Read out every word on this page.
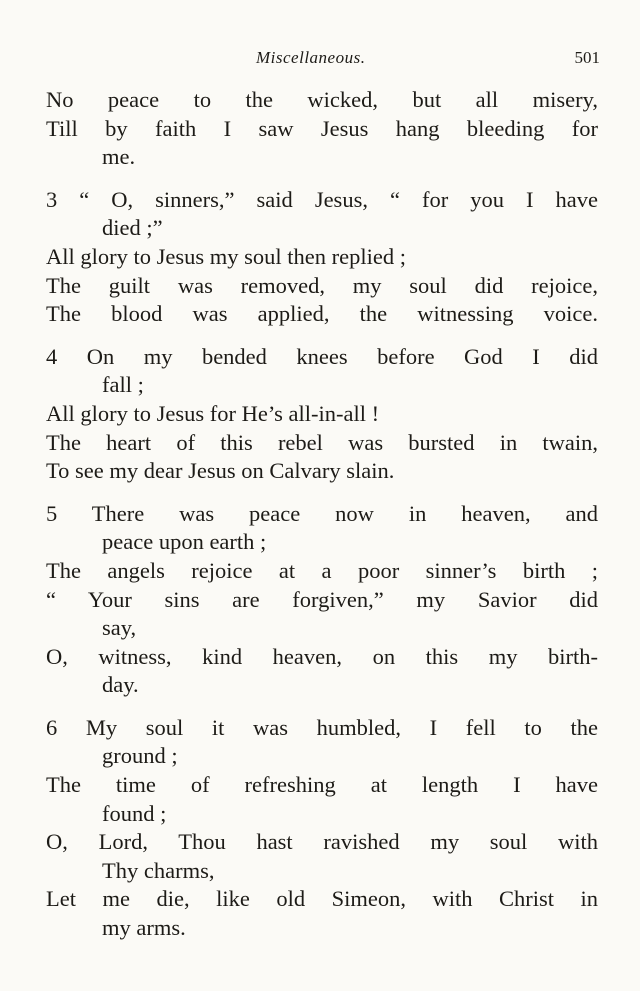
Miscellaneous.	501
No peace to the wicked, but all misery,
Till by faith I saw Jesus hang bleeding for
me.
3 “ O, sinners,” said Jesus, “ for you I have
died ;”
All glory to Jesus my soul then replied ;
The guilt was removed, my soul did rejoice,
The blood was applied, the witnessing voice.
4 On my bended knees before God I did
fall ;
All glory to Jesus for He’s all-in-all !
The heart of this rebel was bursted in twain,
To see my dear Jesus on Calvary slain.
5 There was peace now in heaven, and
peace upon earth ;
The angels rejoice at a poor sinner’s birth ;
“ Your sins are forgiven,” my Savior did
say,
O, witness, kind heaven, on this my birth-
day.
6 My soul it was humbled, I fell to the
ground ;
The time of refreshing at length I have
found ;
O, Lord, Thou hast ravished my soul with
Thy charms,
Let me die, like old Simeon, with Christ in
my arms.
